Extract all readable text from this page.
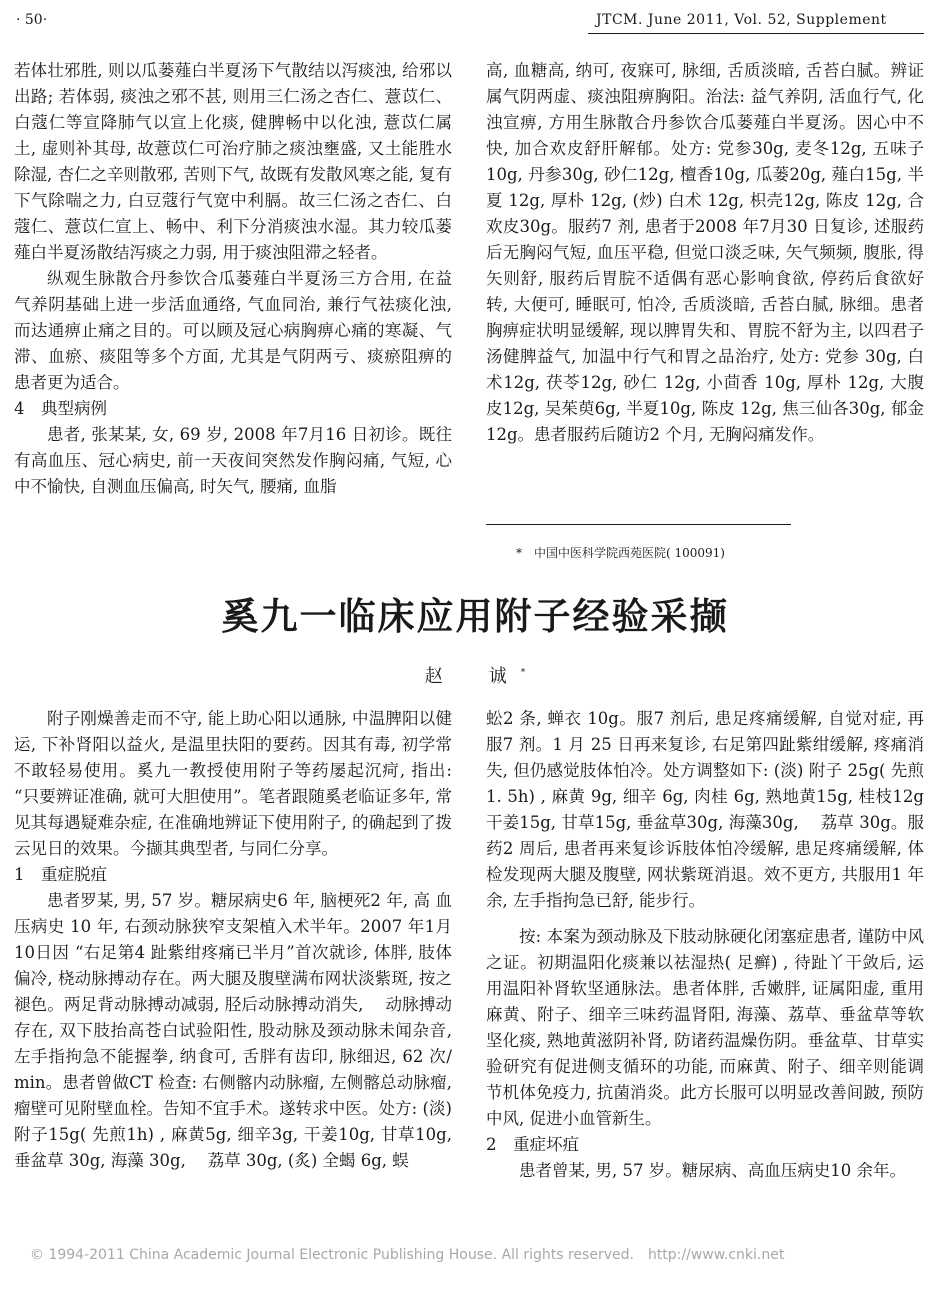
· 50·	JTCM. June 2011, Vol. 52, Supplement

若体壮邪胜, 则以瓜蒌薤白半夏汤下气散结以泻痰浊, 给邪以出路; 若体弱, 痰浊之邪不甚, 则用三仁汤之杏仁、薏苡仁、白蔻仁等宣降肺气以宣上化痰, 健脾畅中以化浊, 薏苡仁属土, 虚则补其母, 故薏苡仁可治疗肺之痰浊壅盛, 又土能胜水除湿, 杏仁之辛则散邪, 苦则下气, 故既有发散风寒之能, 复有下气除喘之力, 白豆蔻行气宽中利膈。故三仁汤之杏仁、白蔻仁、薏苡仁宣上、畅中、利下分消痰浊水湿。其力较瓜蒌薤白半夏汤散结泻痰之力弱, 用于痰浊阻滞之轻者。

纵观生脉散合丹参饮合瓜蒌薤白半夏汤三方合用, 在益气养阴基础上进一步活血通络, 气血同治, 兼行气祛痰化浊, 而达通痹止痛之目的。可以顾及冠心病胸痹心痛的寒凝、气滞、血瘀、痰阻等多个方面, 尤其是气阴两亏、痰瘀阻痹的患者更为适合。

4　典型病例

患者, 张某某, 女, 69 岁, 2008 年7月16 日初诊。既往有高血压、冠心病史, 前一天夜间突然发作胸闷痛, 气短, 心中不愉快, 自测血压偏高, 时矢气, 腰痛, 血脂

高, 血糖高, 纳可, 夜寐可, 脉细, 舌质淡暗, 舌苔白腻。辨证属气阴两虚、痰浊阻痹胸阳。治法: 益气养阴, 活血行气, 化浊宣痹, 方用生脉散合丹参饮合瓜蒌薤白半夏汤。因心中不快, 加合欢皮舒肝解郁。处方: 党参30g, 麦冬12g, 五味子10g, 丹参30g, 砂仁12g, 檀香10g, 瓜蒌20g, 薤白15g, 半夏 12g, 厚朴 12g, (炒) 白术 12g, 枳壳12g, 陈皮 12g, 合欢皮30g。服药7 剂, 患者于2008 年7月30 日复诊, 述服药后无胸闷气短, 血压平稳, 但觉口淡乏味, 矢气频频, 腹胀, 得矢则舒, 服药后胃脘不适偶有恶心影响食欲, 停药后食欲好转, 大便可, 睡眠可, 怕冷, 舌质淡暗, 舌苔白腻, 脉细。患者胸痹症状明显缓解, 现以脾胃失和、胃脘不舒为主, 以四君子汤健脾益气, 加温中行气和胃之品治疗, 处方: 党参 30g, 白术12g, 茯苓12g, 砂仁 12g, 小茴香 10g, 厚朴 12g, 大腹皮12g, 吴茱萸6g, 半夏10g, 陈皮 12g, 焦三仙各30g, 郁金12g。患者服药后随访2 个月, 无胸闷痛发作。

*　中国中医科学院西苑医院( 100091)
奚九一临床应用附子经验采撷
赵　诚*

附子刚燥善走而不守, 能上助心阳以通脉, 中温脾阳以健运, 下补肾阳以益火, 是温里扶阳的要药。因其有毒, 初学常不敢轻易使用。奚九一教授使用附子等药屡起沉疴, 指出: “只要辨证准确, 就可大胆使用”。笔者跟随奚老临证多年, 常见其每遇疑难杂症, 在准确地辨证下使用附子, 的确起到了拨云见日的效果。今撷其典型者, 与同仁分享。

1　重症脱疽

患者罗某, 男, 57 岁。糖尿病史6 年, 脑梗死2 年, 高 血压病史 10 年, 右颈动脉狭窄支架植入术半年。2007 年1月10日因 “右足第4 趾紫绀疼痛已半月”首次就诊, 体胖, 肢体偏冷, 桡动脉搏动存在。两大腿及腹壁满布网状淡紫斑, 按之褪色。两足背动脉搏动减弱, 胫后动脉搏动消失, 　动脉搏动存在, 双下肢抬高苍白试验阳性, 股动脉及颈动脉未闻杂音, 左手指拘急不能握拳, 纳食可, 舌胖有齿印, 脉细迟, 62 次/ min。患者曾做CT 检查: 右侧髂内动脉瘤, 左侧髂总动脉瘤, 瘤壁可见附壁血栓。告知不宜手术。遂转求中医。处方: (淡) 附子15g( 先煎1h) , 麻黄5g, 细辛3g, 干姜10g, 甘草10g, 垂盆草 30g, 海藻 30g, 　荔草 30g, (炙) 全蝎 6g, 蜈

蚣2 条, 蝉衣 10g。服7 剂后, 患足疼痛缓解, 自觉对症, 再服7 剂。1 月 25 日再来复诊, 右足第四趾紫绀缓解, 疼痛消失, 但仍感觉肢体怕冷。处方调整如下: (淡) 附子 25g( 先煎 1. 5h) , 麻黄 9g, 细辛 6g, 肉桂 6g, 熟地黄15g, 桂枝12g 干姜15g, 甘草15g, 垂盆草30g, 海藻30g, 　荔草 30g。服药2 周后, 患者再来复诊诉肢体怕冷缓解, 患足疼痛缓解, 体检发现两大腿及腹壁, 网状紫斑消退。效不更方, 共服用1 年余, 左手指拘急已舒, 能步行。

按: 本案为颈动脉及下肢动脉硬化闭塞症患者, 谨防中风之证。初期温阳化痰兼以祛湿热( 足癣) , 待趾丫干敛后, 运用温阳补肾软坚通脉法。患者体胖, 舌嫩胖, 证属阳虚, 重用麻黄、附子、细辛三味药温肾阳, 海藻、荔草、垂盆草等软坚化痰, 熟地黄滋阴补肾, 防诸药温燥伤阴。垂盆草、甘草实验研究有促进侧支循环的功能, 而麻黄、附子、细辛则能调节机体免疫力, 抗菌消炎。此方长服可以明显改善间跛, 预防中风, 促进小血管新生。

2　重症坏疽

患者曾某, 男, 57 岁。糖尿病、高血压病史10 余年。

© 1994-2011 China Academic Journal Electronic Publishing House. All rights reserved.　http://www.cnki.net
